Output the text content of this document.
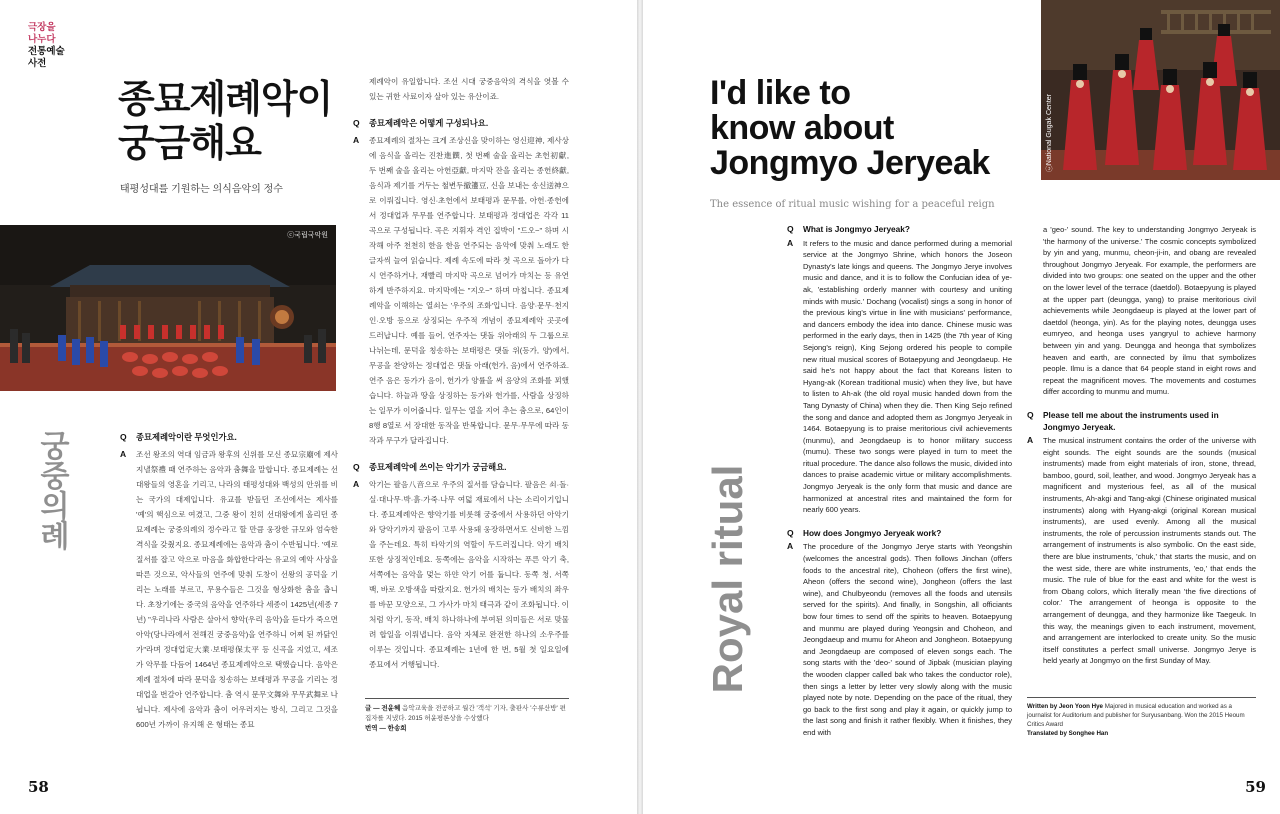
극장을
나누다
전통예술
사전
종묘제례악이
궁금해요
태평성대를 기원하는 의식음악의 정수
ⓒ국립국악원
궁중의례	Q	종묘제례악이란 무엇인가요.
A	조선 왕조의 역대 임금과 왕후의 신위를 모신 종묘宗廟에 제사 지낼祭禮 때 연주하는 음악과 춤舞을 말합니다. 종묘제례는 선대왕들의 영혼을 기리고, 나라의 태평성대와 백성의 안위를 비는 국가의 대제입니다. 유교를 받들던 조선에서는 제사를 '예'의 핵심으로 여겼고, 그중 왕이 친히 선대왕에게 올리던 종묘제례는 궁중의례의 정수라고 할 만큼 웅장한 규모와 엄숙한 격식을 갖췄지요. 종묘제례에는 음악과 춤이 수반됩니다. '예로 질서를 잡고 악으로 마음을 화합한다'라는 유교의 예악 사상을 따른 것으로, 악사들의 연주에 맞춰 도창이 선왕의 공덕을 기리는 노래를 부르고, 무용수들은 그것을 형상화한 춤을 춥니다. 초창기에는 중국의 음악을 연주하다 세종이 1425년(세종 7년) "우리나라 사람은 살아서 향악(우리 음악)을 듣다가 죽으면 아악(당나라에서 전해진 궁중음악)을 연주하니 어찌 된 까닭인가"라며 정대업定大業·보태평保太平 등 신곡을 지었고, 세조가 악무를 다듬어 1464년 종묘제례악으로 택했습니다. 음악은 제례 절차에 따라 문덕을 칭송하는 보태평과 무공을 기리는 정대업을 번갈아 연주합니다. 춤 역시 문무文舞와 무무武舞로 나뉩니다. 제사에 음악과 춤이 어우러지는 방식, 그리고 그것을 600년 가까이 유지해 온 형태는 종묘

제례악이 유일합니다. 조선 시대 궁중음악의 격식을 엿볼 수 있는 귀한 사료이자 살아 있는 유산이죠.

Q	종묘제례악은 어떻게 구성되나요.
A	종묘제례의 절차는 크게 조상신을 맞이하는 영신迎神, 제사상에 음식을 올리는 진찬進饌, 첫 번째 술을 올리는 초헌初獻, 두 번째 술을 올리는 아헌亞獻, 마지막 잔을 올리는 종헌終獻, 음식과 제기를 거두는 철변두撤籩豆, 신을 보내는 송신送神으로 이뤄집니다. 영신·초헌에서 보태평과 문무를, 아헌·종헌에서 정대업과 무무를 연주합니다. 보태평과 정대업은 각각 11곡으로 구성됩니다. 곡은 지휘자 격인 집박이 "드오~" 하며 시작해 아주 천천히 한음 한음 연주되는 음악에 맞춰 노래도 한 글자씩 늘여 읽습니다. 제례 속도에 따라 첫 곡으로 돌아가 다시 연주하거나, 재빨리 마지막 곡으로 넘어가 마치는 등 유연하게 반주하지요. 마지막에는 "지오~" 하며 마칩니다. 종묘제례악을 이해하는 열쇠는 '우주의 조화'입니다. 음양·문무·천지인·오방 등으로 상징되는 우주적 개념이 종묘제례악 곳곳에 드러납니다. 예를 들어, 연주자는 댓돌 위아래의 두 그룹으로 나뉘는데, 문덕을 칭송하는 보태평은 댓돌 위(등가, 양)에서, 무공을 찬양하는 정대업은 댓돌 아래(헌가, 음)에서 연주하죠. 연주 음은 등가가 음이, 헌가가 양률을 써 음양의 조화를 꾀했습니다. 하늘과 땅을 상징하는 등가와 헌가를, 사람을 상징하는 일무가 이어줍니다. 일무는 열을 지어 추는 춤으로, 64인이 8행 8열로 서 장대한 동작을 반복합니다. 문무·무무에 따라 동작과 무구가 달라집니다.

Q	종묘제례악에 쓰이는 악기가 궁금해요.
A	악기는 팔음八音으로 우주의 질서를 담습니다. 팔음은 쇠·돌·실·대나무·박·흙·가죽·나무 여덟 재료에서 나는 소리이기입니다. 종묘제례악은 향악기를 비롯해 궁중에서 사용하던 아악기와 당악기까지 팔음이 고루 사용돼 웅장하면서도 신비한 느낌을 주는데요. 특히 타악기의 역할이 두드러집니다. 악기 배치 또한 상징적인데요. 동쪽에는 음악을 시작하는 푸른 악기 축, 서쪽에는 음악을 멎는 하얀 악기 어를 둡니다. 동쪽 청, 서쪽 백, 바로 오방색을 따랐지요. 헌가의 배치는 등가 배치의 좌우를 바꾼 모양으로, 그 가사가 마치 태극과 같이 조화됩니다. 이처럼 악기, 동작, 배치 하나하나에 부여된 의미들은 서로 맞물려 합일을 이뤄냅니다. 음악 자체로 완전한 하나의 소우주를 이루는 것입니다. 종묘제례는 1년에 한 번, 5월 첫 일요일에 종묘에서 거행됩니다.

글 — 전윤혜 음악교육을 전공하고 월간 '객석' 기자, 출판사 '수류산방' 편집자를 지냈다. 2015 허윤평론상을 수상했다
번역 — 한송희
58
I'd like to
know about
Jongmyo Jeryeak
The essence of ritual music wishing for a peaceful reign
ⓒNational Gugak Center
Royal ritual
Q	What is Jongmyo Jeryeak?
A	It refers to the music and dance performed during a memorial service at the Jongmyo Shrine, which honors the Joseon Dynasty's late kings and queens. The Jongmyo Jerye involves music and dance, and it is to follow the Confucian idea of ye-ak, 'establishing orderly manner with courtesy and uniting minds with music.' Dochang (vocalist) sings a song in honor of the previous king's virtue in line with musicians' performance, and dancers embody the idea into dance. Chinese music was performed in the early days, then in 1425 (the 7th year of King Sejong's reign), King Sejong ordered his people to compile new ritual musical scores of Botaepyung and Jeongdaeup. He said he's not happy about the fact that Koreans listen to Hyang-ak (Korean traditional music) when they live, but have to listen to Ah-ak (the old royal music handed down from the Tang Dynasty of China) when they die. Then King Sejo refined the song and dance and adopted them as Jongmyo Jeryeak in 1464. Botaepyung is to praise meritorious civil achievements (munmu), and Jeongdaeup is to honor military success (mumu). These two songs were played in turn to meet the ritual procedure. The dance also follows the music, divided into dances to praise academic virtue or military accomplishments. Jongmyo Jeryeak is the only form that music and dance are harmonized at ancestral rites and maintained the form for nearly 600 years.

Q	How does Jongmyo Jeryeak work?
A	The procedure of the Jongmyo Jerye starts with Yeongshin (welcomes the ancestral gods). Then follows Jinchan (offers foods to the ancestral rite), Choheon (offers the first wine), Aheon (offers the second wine), Jongheon (offers the last wine), and Chulbyeondu (removes all the foods and utensils served for the spirits). And finally, in Songshin, all officiants bow four times to send off the spirits to heaven. Botaepyung and munmu are played during Yeongsin and Choheon, and Jeongdaeup and mumu for Aheon and Jongheon. Botaepyung and Jeongdaeup are composed of eleven songs each. The song starts with the 'deo-' sound of Jipbak (musician playing the wooden clapper called bak who takes the conductor role), then sings a letter by letter very slowly along with the music played note by note. Depending on the pace of the ritual, they go back to the first song and play it again, or quickly jump to the last song and finish it rather flexibly. When it finishes, they end with

a 'geo-' sound. The key to understanding Jongmyo Jeryeak is 'the harmony of the universe.' The cosmic concepts symbolized by yin and yang, munmu, cheon-ji-in, and obang are revealed throughout Jongmyo Jeryeak. For example, the performers are divided into two groups: one seated on the upper and the other on the lower level of the terrace (daetdol). Botaepyung is played at the upper part (deungga, yang) to praise meritorious civil achievements while Jeongdaeup is played at the lower part of daetdol (heonga, yin). As for the playing notes, deungga uses eumryeo, and heonga uses yangryul to achieve harmony between yin and yang. Deungga and heonga that symbolizes heaven and earth, are connected by ilmu that symbolizes people. Ilmu is a dance that 64 people stand in eight rows and repeat the magnificent moves. The movements and costumes differ according to munmu and mumu.

Q	Please tell me about the instruments used in Jongmyo Jeryeak.
A	The musical instrument contains the order of the universe with eight sounds. The eight sounds are the sounds (musical instruments) made from eight materials of iron, stone, thread, bamboo, gourd, soil, leather, and wood. Jongmyo Jeryeak has a magnificent and mysterious feel, as all of the musical instruments, Ah-akgi and Tang-akgi (Chinese originated musical instruments) along with Hyang-akgi (original Korean musical instruments), are used evenly. Among all the musical instruments, the role of percussion instruments stands out. The arrangement of instruments is also symbolic. On the east side, there are blue instruments, 'chuk,' that starts the music, and on the west side, there are white instruments, 'eo,' that ends the music. The rule of blue for the east and white for the west is from Obang colors, which literally mean 'the five directions of color.' The arrangement of heonga is opposite to the arrangement of deungga, and they harmonize like Taegeuk. In this way, the meanings given to each instrument, movement, and arrangement are interlocked to create unity. So the music itself constitutes a perfect small universe. Jongmyo Jerye is held yearly at Jongmyo on the first Sunday of May.

Written by Jeon Yoon Hye Majored in musical education and worked as a journalist for Auditorium and publisher for Suryusanbang. Won the 2015 Heoum Critics Award
Translated by Songhee Han
59
